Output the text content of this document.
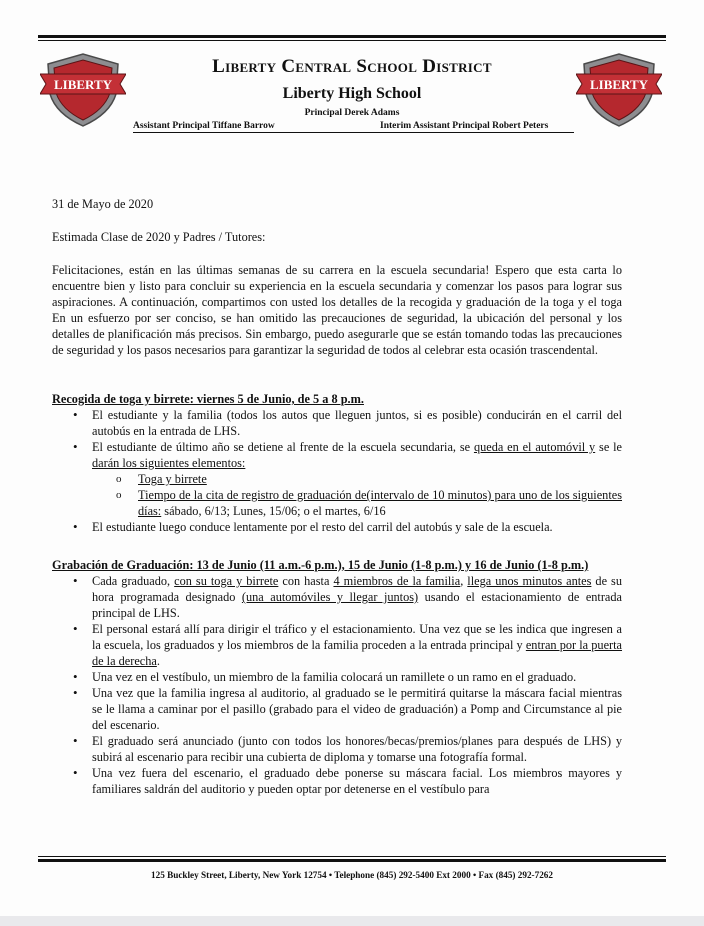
LIBERTY	LIBERTY
Liberty Central School District
Liberty High School
Principal Derek Adams
Assistant Principal Tiffane Barrow	Interim Assistant Principal Robert Peters
31 de Mayo de 2020
Estimada Clase de 2020 y Padres / Tutores:
Felicitaciones, están en las últimas semanas de su carrera en la escuela secundaria! Espero que esta carta lo encuentre bien y listo para concluir su experiencia en la escuela secundaria y comenzar los pasos para lograr sus aspiraciones. A continuación, compartimos con usted los detalles de la recogida y graduación de la toga y el toga En un esfuerzo por ser conciso, se han omitido las precauciones de seguridad, la ubicación del personal y los detalles de planificación más precisos. Sin embargo, puedo asegurarle que se están tomando todas las precauciones de seguridad y los pasos necesarios para garantizar la seguridad de todos al celebrar esta ocasión trascendental.

Recogida de toga y birrete: viernes 5 de Junio, de 5 a 8 p.m.

• El estudiante y la familia (todos los autos que lleguen juntos, si es posible) conducirán en el carril del autobús en la entrada de LHS.
• El estudiante de último año se detiene al frente de la escuela secundaria, se queda en el automóvil y se le darán los siguientes elementos:
o Toga y birrete
o Tiempo de la cita de registro de graduación de(intervalo de 10 minutos) para uno de los siguientes días: sábado, 6/13; Lunes, 15/06; o el martes, 6/16
• El estudiante luego conduce lentamente por el resto del carril del autobús y sale de la escuela.

Grabación de Graduación: 13 de Junio (11 a.m.-6 p.m.), 15 de Junio (1-8 p.m.) y 16 de Junio (1-8 p.m.)

• Cada graduado, con su toga y birrete con hasta 4 miembros de la familia, llega unos minutos antes de su hora programada designado (una automóviles y llegar juntos) usando el estacionamiento de entrada principal de LHS.
• El personal estará allí para dirigir el tráfico y el estacionamiento. Una vez que se les indica que ingresen a la escuela, los graduados y los miembros de la familia proceden a la entrada principal y entran por la puerta de la derecha.
• Una vez en el vestíbulo, un miembro de la familia colocará un ramillete o un ramo en el graduado.
• Una vez que la familia ingresa al auditorio, al graduado se le permitirá quitarse la máscara facial mientras se le llama a caminar por el pasillo (grabado para el video de graduación) a Pomp and Circumstance al pie del escenario.
• El graduado será anunciado (junto con todos los honores/becas/premios/planes para después de LHS) y subirá al escenario para recibir una cubierta de diploma y tomarse una fotografía formal.
• Una vez fuera del escenario, el graduado debe ponerse su máscara facial. Los miembros mayores y familiares saldrán del auditorio y pueden optar por detenerse en el vestíbulo para
125 Buckley Street, Liberty, New York 12754 • Telephone (845) 292-5400 Ext 2000 • Fax (845) 292-7262
